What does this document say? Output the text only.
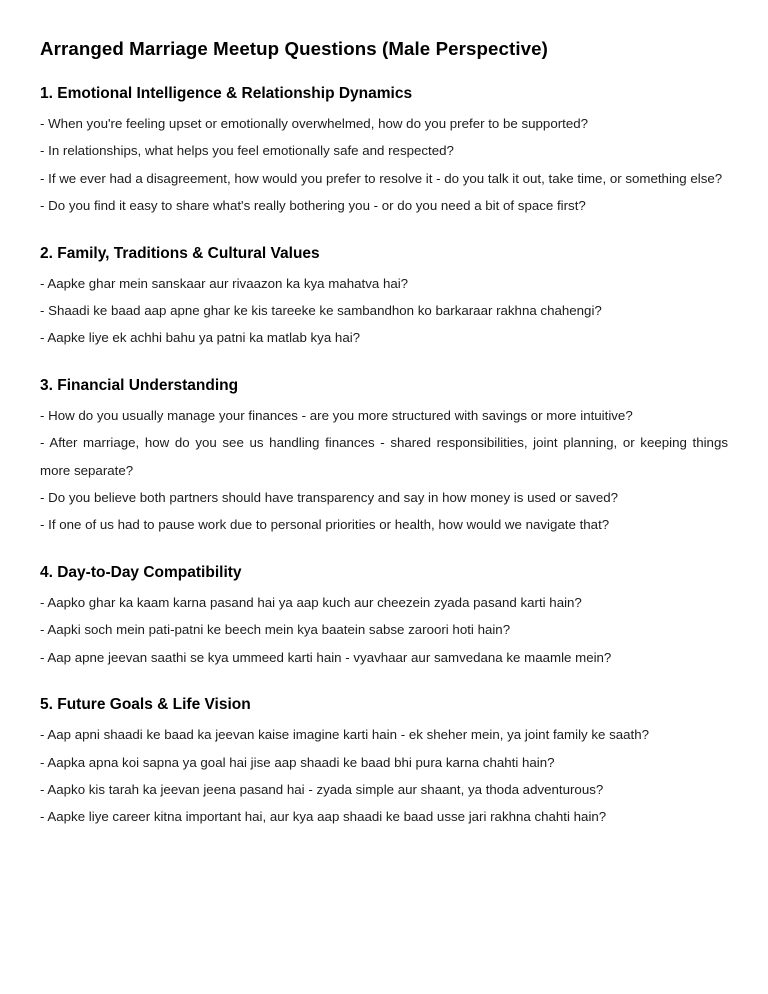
Arranged Marriage Meetup Questions (Male Perspective)
1. Emotional Intelligence & Relationship Dynamics

- When you're feeling upset or emotionally overwhelmed, how do you prefer to be supported?

- In relationships, what helps you feel emotionally safe and respected?

- If we ever had a disagreement, how would you prefer to resolve it - do you talk it out, take time, or something else?

- Do you find it easy to share what's really bothering you - or do you need a bit of space first?

2. Family, Traditions & Cultural Values

- Aapke ghar mein sanskaar aur rivaazon ka kya mahatva hai?

- Shaadi ke baad aap apne ghar ke kis tareeke ke sambandhon ko barkaraar rakhna chahengi?

- Aapke liye ek achhi bahu ya patni ka matlab kya hai?

3. Financial Understanding

- How do you usually manage your finances - are you more structured with savings or more intuitive?

- After marriage, how do you see us handling finances - shared responsibilities, joint planning, or keeping things more separate?

- Do you believe both partners should have transparency and say in how money is used or saved?

- If one of us had to pause work due to personal priorities or health, how would we navigate that?

4. Day-to-Day Compatibility

- Aapko ghar ka kaam karna pasand hai ya aap kuch aur cheezein zyada pasand karti hain?

- Aapki soch mein pati-patni ke beech mein kya baatein sabse zaroori hoti hain?

- Aap apne jeevan saathi se kya ummeed karti hain - vyavhaar aur samvedana ke maamle mein?

5. Future Goals & Life Vision

- Aap apni shaadi ke baad ka jeevan kaise imagine karti hain - ek sheher mein, ya joint family ke saath?

- Aapka apna koi sapna ya goal hai jise aap shaadi ke baad bhi pura karna chahti hain?

- Aapko kis tarah ka jeevan jeena pasand hai - zyada simple aur shaant, ya thoda adventurous?

- Aapke liye career kitna important hai, aur kya aap shaadi ke baad usse jari rakhna chahti hain?
